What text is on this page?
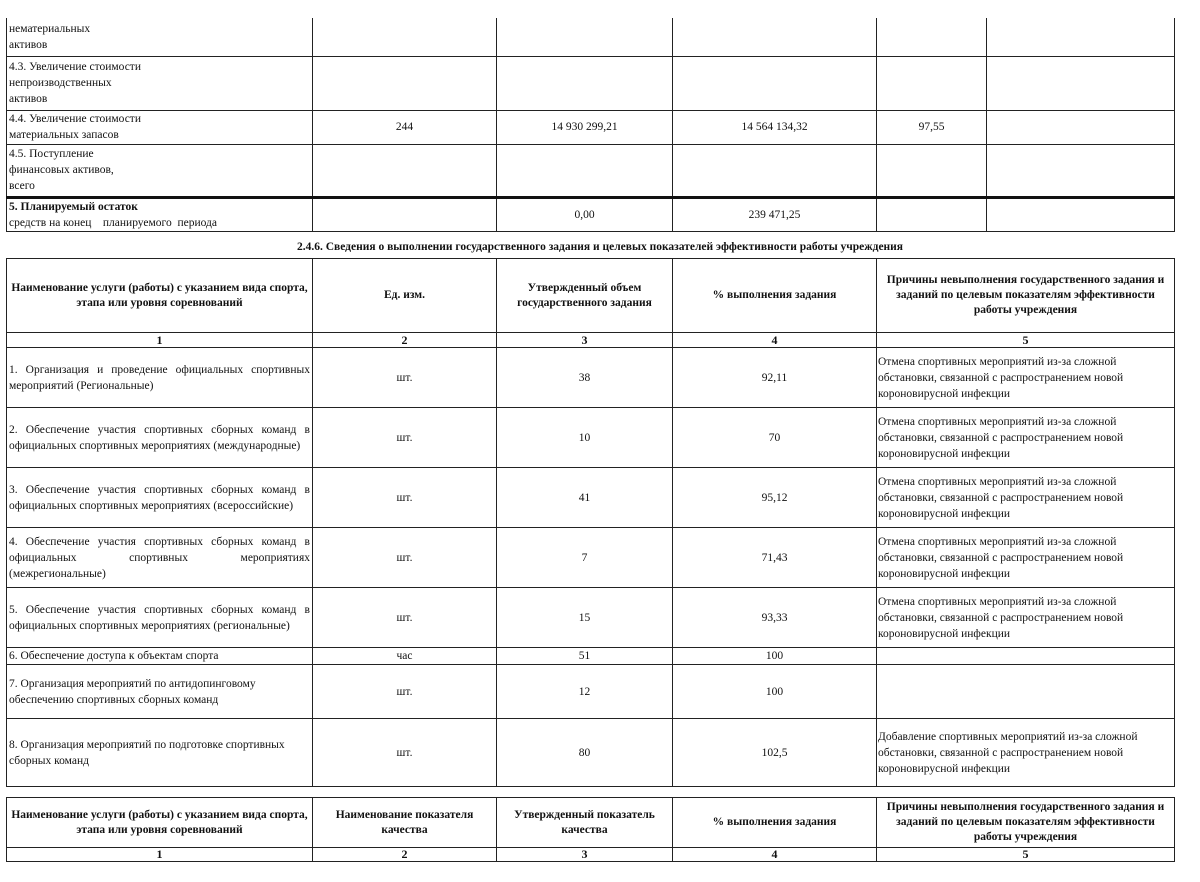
нематериальных
активов					
4.3. Увеличение стоимости
непроизводственных
активов					
4.4. Увеличение стоимости
материальных запасов	244	14 930 299,21	14 564 134,32	97,55	
4.5. Поступление
финансовых активов,
всего					

5. Планируемый остаток
средств на конец    планируемого  периода		0,00	239 471,25		
2.4.6. Сведения о выполнении государственного задания и целевых показателей эффективности работы учреждения
Наименование услуги (работы) с указанием вида спорта, этапа или уровня соревнований	Ед. изм.	Утвержденный объем государственного задания	% выполнения задания	Причины невыполнения государственного задания и заданий по целевым показателям эффективности работы учреждения
1	2	3	4	5
1. Организация и проведение официальных спортивных мероприятий (Региональные)	шт.	38	92,11	Отмена спортивных мероприятий из-за сложной обстановки, связанной с распространением новой короновирусной инфекции
2. Обеспечение участия спортивных сборных команд в официальных спортивных мероприятиях (международные)	шт.	10	70	Отмена спортивных мероприятий из-за сложной обстановки, связанной с распространением новой короновирусной инфекции
3. Обеспечение участия спортивных сборных команд в официальных спортивных мероприятиях (всероссийские)	шт.	41	95,12	Отмена спортивных мероприятий из-за сложной обстановки, связанной с распространением новой короновирусной инфекции
4. Обеспечение участия спортивных сборных команд в официальных спортивных мероприятиях (межрегиональные)	шт.	7	71,43	Отмена спортивных мероприятий из-за сложной обстановки, связанной с распространением новой короновирусной инфекции
5. Обеспечение участия спортивных сборных команд в официальных спортивных мероприятиях (региональные)	шт.	15	93,33	Отмена спортивных мероприятий из-за сложной обстановки, связанной с распространением новой короновирусной инфекции
6. Обеспечение доступа к объектам спорта	час	51	100	
7. Организация мероприятий по антидопинговому обеспечению спортивных сборных команд	шт.	12	100	
8. Организация мероприятий по подготовке спортивных сборных команд	шт.	80	102,5	Добавление спортивных мероприятий из-за сложной обстановки, связанной с распространением новой короновирусной инфекции
Наименование услуги (работы) с указанием вида спорта, этапа или уровня соревнований	Наименование показателя качества	Утвержденный показатель качества	% выполнения задания	Причины невыполнения государственного задания и заданий по целевым показателям эффективности работы учреждения
1	2	3	4	5
